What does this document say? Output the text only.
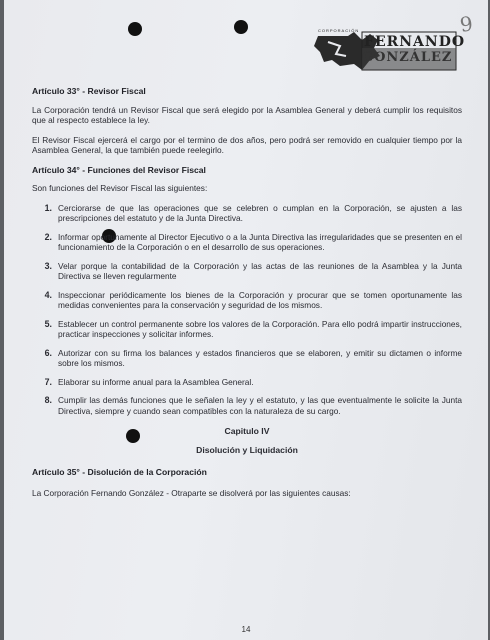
9
CORPORACIÓN
FERNANDO
GONZÁLEZ
Artículo 33° - Revisor Fiscal

La Corporación tendrá un Revisor Fiscal que será elegido por la Asamblea General y deberá cumplir los requisitos que al respecto establece la ley.

El Revisor Fiscal ejercerá el cargo por el termino de dos años, pero podrá ser removido en cualquier tiempo por la Asamblea General, la que también puede reelegirlo.

Artículo 34° - Funciones del Revisor Fiscal

Son funciones del Revisor Fiscal las siguientes:

1. Cerciorarse de que las operaciones que se celebren o cumplan en la Corporación, se ajusten a las prescripciones del estatuto y de la Junta Directiva.
2. Informar oportunamente al Director Ejecutivo o a la Junta Directiva las irregularidades que se presenten en el funcionamiento de la Corporación o en el desarrollo de sus operaciones.
3. Velar porque la contabilidad de la Corporación y las actas de las reuniones de la Asamblea y la Junta Directiva se lleven regularmente
4. Inspeccionar periódicamente los bienes de la Corporación y procurar que se tomen oportunamente las medidas convenientes para la conservación y seguridad de los mismos.
5. Establecer un control permanente sobre los valores de la Corporación. Para ello podrá impartir instrucciones, practicar inspecciones y solicitar informes.
6. Autorizar con su firma los balances y estados financieros que se elaboren, y emitir su dictamen o informe sobre los mismos.
7. Elaborar su informe anual para la Asamblea General.
8. Cumplir las demás funciones que le señalen la ley y el estatuto, y las que eventualmente le solicite la Junta Directiva, siempre y cuando sean compatibles con la naturaleza de su cargo.
Capitulo IV
Disolución y Liquidación
Artículo 35° - Disolución de la Corporación

La Corporación Fernando González - Otraparte se disolverá por las siguientes causas:

14
